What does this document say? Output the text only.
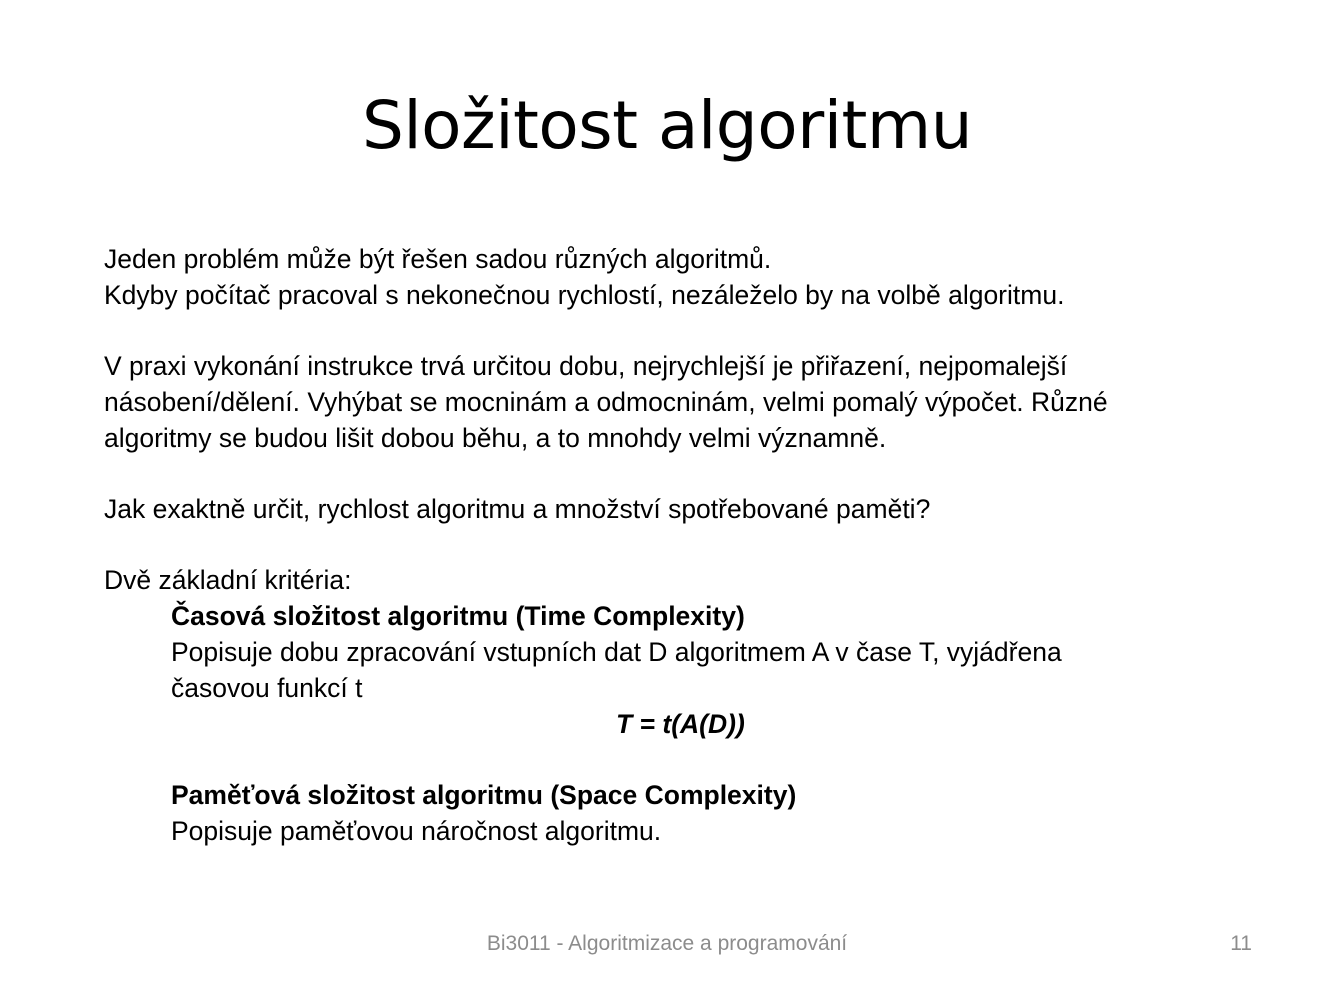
Složitost algoritmu
Jeden problém může být řešen sadou různých algoritmů.
Kdyby počítač pracoval s nekonečnou rychlostí, nezáleželo by na volbě algoritmu.
V praxi vykonání instrukce trvá určitou dobu, nejrychlejší je přiřazení, nejpomalejší
násobení/dělení. Vyhýbat se mocninám a odmocninám, velmi pomalý výpočet. Různé
algoritmy se budou lišit dobou běhu, a to mnohdy velmi významně.
Jak exaktně určit, rychlost algoritmu a množství spotřebované paměti?
Dvě základní kritéria:
Časová složitost algoritmu (Time Complexity)
Popisuje dobu zpracování vstupních dat D algoritmem A v čase T, vyjádřena
časovou funkcí t
T = t(A(D))
Paměťová složitost algoritmu (Space Complexity)
Popisuje paměťovou náročnost algoritmu.
Bi3011 - Algoritmizace a programování	11
